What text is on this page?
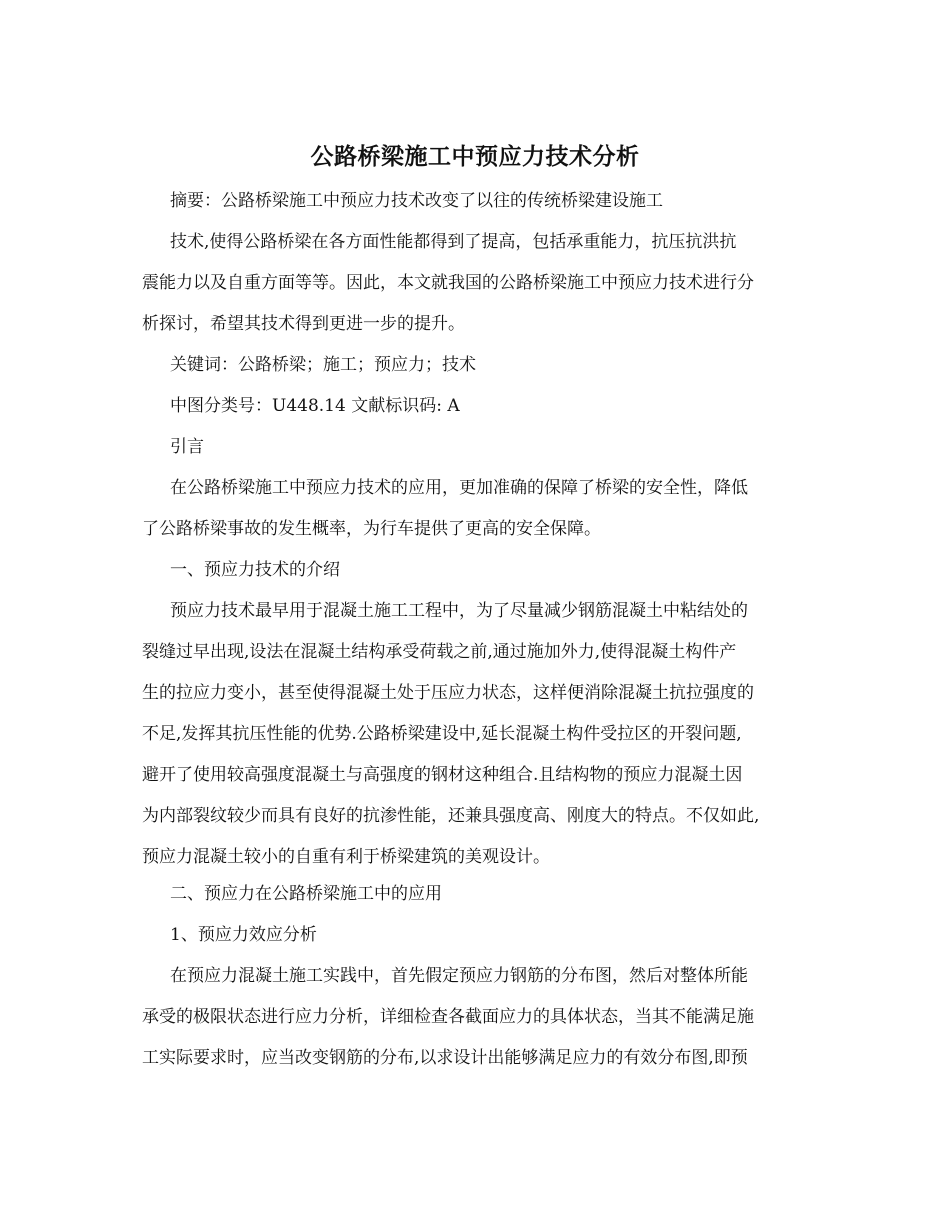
公路桥梁施工中预应力技术分析
摘要：公路桥梁施工中预应力技术改变了以往的传统桥梁建设施工
技术,使得公路桥梁在各方面性能都得到了提高，包括承重能力，抗压抗洪抗
震能力以及自重方面等等。因此，本文就我国的公路桥梁施工中预应力技术进行分
析探讨，希望其技术得到更进一步的提升。
关键词：公路桥梁；施工；预应力；技术
中图分类号：U448.14 文献标识码: A
引言
在公路桥梁施工中预应力技术的应用，更加准确的保障了桥梁的安全性，降低
了公路桥梁事故的发生概率，为行车提供了更高的安全保障。
一、预应力技术的介绍
预应力技术最早用于混凝土施工工程中，为了尽量减少钢筋混凝土中粘结处的
裂缝过早出现,设法在混凝土结构承受荷载之前,通过施加外力,使得混凝土构件产
生的拉应力变小，甚至使得混凝土处于压应力状态，这样便消除混凝土抗拉强度的
不足,发挥其抗压性能的优势.公路桥梁建设中,延长混凝土构件受拉区的开裂问题,
避开了使用较高强度混凝土与高强度的钢材这种组合.且结构物的预应力混凝土因
为内部裂纹较少而具有良好的抗渗性能，还兼具强度高、刚度大的特点。不仅如此,
预应力混凝土较小的自重有利于桥梁建筑的美观设计。
二、预应力在公路桥梁施工中的应用
1、预应力效应分析
在预应力混凝土施工实践中，首先假定预应力钢筋的分布图，然后对整体所能
承受的极限状态进行应力分析，详细检查各截面应力的具体状态，当其不能满足施
工实际要求时，应当改变钢筋的分布,以求设计出能够满足应力的有效分布图,即预
